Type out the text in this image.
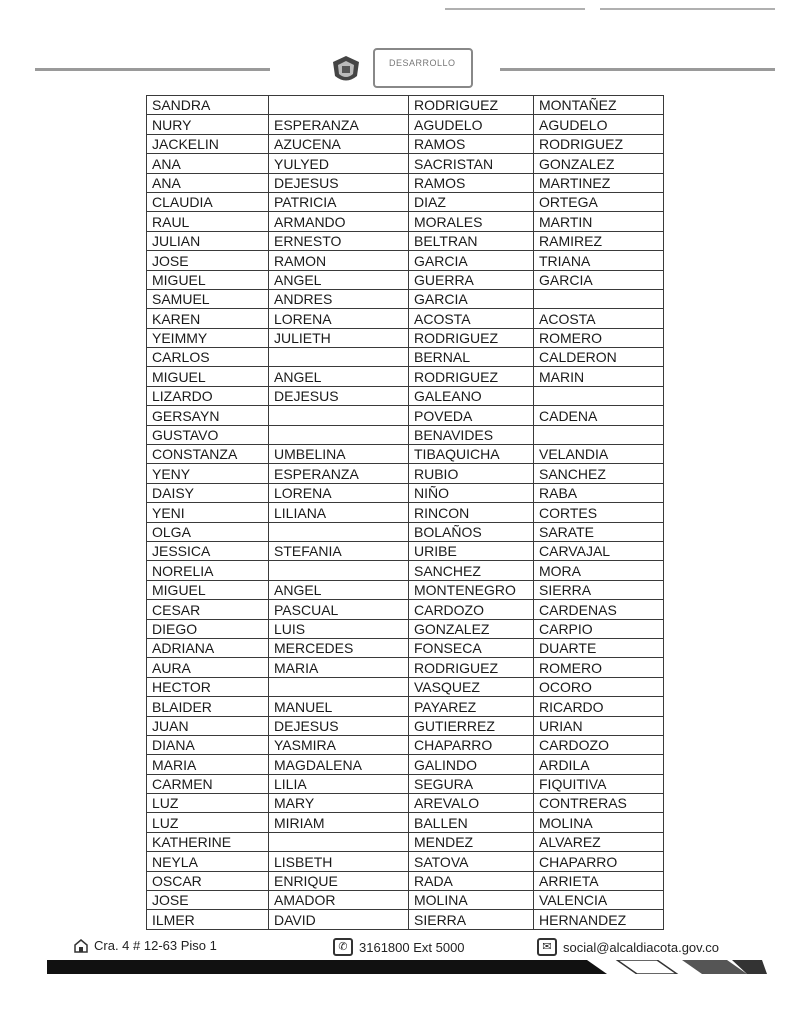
DESARROLLO
SANDRA		RODRIGUEZ	MONTAÑEZ
NURY	ESPERANZA	AGUDELO	AGUDELO
JACKELIN	AZUCENA	RAMOS	RODRIGUEZ
ANA	YULYED	SACRISTAN	GONZALEZ
ANA	DEJESUS	RAMOS	MARTINEZ
CLAUDIA	PATRICIA	DIAZ	ORTEGA
RAUL	ARMANDO	MORALES	MARTIN
JULIAN	ERNESTO	BELTRAN	RAMIREZ
JOSE	RAMON	GARCIA	TRIANA
MIGUEL	ANGEL	GUERRA	GARCIA
SAMUEL	ANDRES	GARCIA	
KAREN	LORENA	ACOSTA	ACOSTA
YEIMMY	JULIETH	RODRIGUEZ	ROMERO
CARLOS		BERNAL	CALDERON
MIGUEL	ANGEL	RODRIGUEZ	MARIN
LIZARDO	DEJESUS	GALEANO	
GERSAYN		POVEDA	CADENA
GUSTAVO		BENAVIDES	
CONSTANZA	UMBELINA	TIBAQUICHA	VELANDIA
YENY	ESPERANZA	RUBIO	SANCHEZ
DAISY	LORENA	NIÑO	RABA
YENI	LILIANA	RINCON	CORTES
OLGA		BOLAÑOS	SARATE
JESSICA	STEFANIA	URIBE	CARVAJAL
NORELIA		SANCHEZ	MORA
MIGUEL	ANGEL	MONTENEGRO	SIERRA
CESAR	PASCUAL	CARDOZO	CARDENAS
DIEGO	LUIS	GONZALEZ	CARPIO
ADRIANA	MERCEDES	FONSECA	DUARTE
AURA	MARIA	RODRIGUEZ	ROMERO
HECTOR		VASQUEZ	OCORO
BLAIDER	MANUEL	PAYAREZ	RICARDO
JUAN	DEJESUS	GUTIERREZ	URIAN
DIANA	YASMIRA	CHAPARRO	CARDOZO
MARIA	MAGDALENA	GALINDO	ARDILA
CARMEN	LILIA	SEGURA	FIQUITIVA
LUZ	MARY	AREVALO	CONTRERAS
LUZ	MIRIAM	BALLEN	MOLINA
KATHERINE		MENDEZ	ALVAREZ
NEYLA	LISBETH	SATOVA	CHAPARRO
OSCAR	ENRIQUE	RADA	ARRIETA
JOSE	AMADOR	MOLINA	VALENCIA
ILMER	DAVID	SIERRA	HERNANDEZ
Cra. 4 # 12-63 Piso 1	✆ 3161800 Ext 5000	✉ social@alcaldiacota.gov.co
